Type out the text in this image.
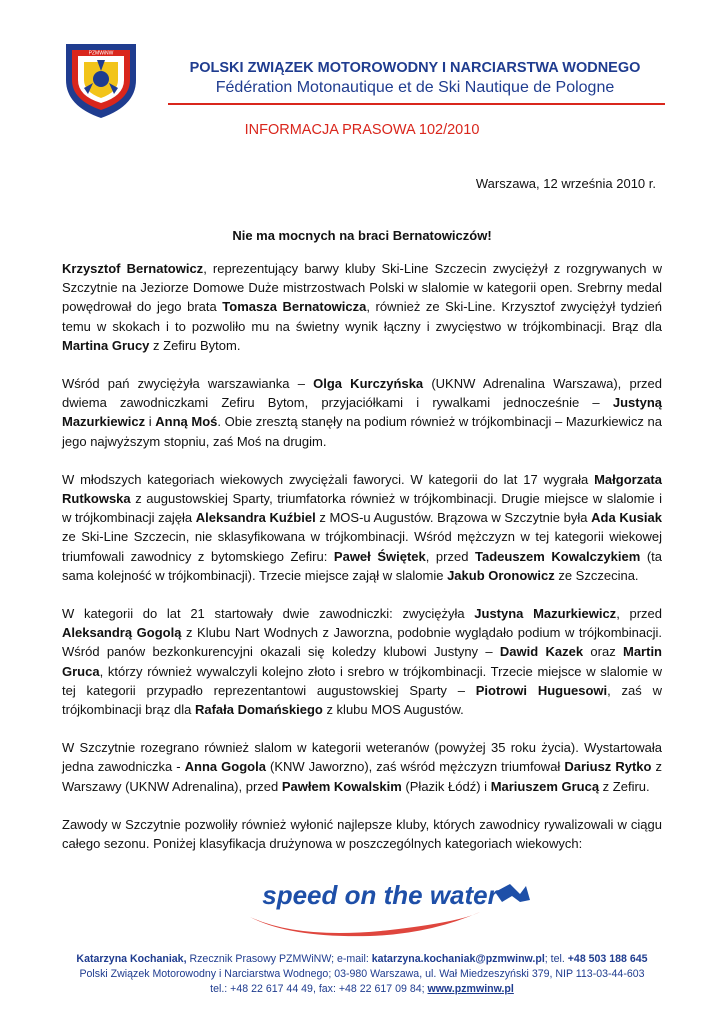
PZMWiNW

POLSKI ZWIĄZEK MOTOROWODNY I NARCIARSTWA WODNEGO

Fédération Motonautique et de Ski Nautique de Pologne

INFORMACJA PRASOWA 102/2010
Warszawa, 12 września 2010 r.
Nie ma mocnych na braci Bernatowiczów!

Krzysztof Bernatowicz, reprezentujący barwy kluby Ski-Line Szczecin zwyciężył z rozgrywanych w Szczytnie na Jeziorze Domowe Duże mistrzostwach Polski w slalomie w kategorii open. Srebrny medal powędrował do jego brata Tomasza Bernatowicza, również ze Ski-Line. Krzysztof zwyciężył tydzień temu w skokach i to pozwoliło mu na świetny wynik łączny i zwycięstwo w trójkombinacji. Brąz dla Martina Grucy z Zefiru Bytom.

Wśród pań zwyciężyła warszawianka – Olga Kurczyńska (UKNW Adrenalina Warszawa), przed dwiema zawodniczkami Zefiru Bytom, przyjaciółkami i rywalkami jednocześnie – Justyną Mazurkiewicz i Anną Moś. Obie zresztą stanęły na podium również w trójkombinacji – Mazurkiewicz na jego najwyższym stopniu, zaś Moś na drugim.

W młodszych kategoriach wiekowych zwyciężali faworyci. W kategorii do lat 17 wygrała Małgorzata Rutkowska z augustowskiej Sparty, triumfatorka również w trójkombinacji. Drugie miejsce w slalomie i w trójkombinacji zajęła Aleksandra Kuźbiel z MOS-u Augustów. Brązowa w Szczytnie była Ada Kusiak ze Ski-Line Szczecin, nie sklasyfikowana w trójkombinacji. Wśród mężczyzn w tej kategorii wiekowej triumfowali zawodnicy z bytomskiego Zefiru: Paweł Świętek, przed Tadeuszem Kowalczykiem (ta sama kolejność w trójkombinacji). Trzecie miejsce zajął w slalomie Jakub Oronowicz ze Szczecina.

W kategorii do lat 21 startowały dwie zawodniczki: zwyciężyła Justyna Mazurkiewicz, przed Aleksandrą Gogolą z Klubu Nart Wodnych z Jaworzna, podobnie wyglądało podium w trójkombinacji. Wśród panów bezkonkurencyjni okazali się koledzy klubowi Justyny – Dawid Kazek oraz Martin Gruca, którzy również wywalczyli kolejno złoto i srebro w trójkombinacji. Trzecie miejsce w slalomie w tej kategorii przypadło reprezentantowi augustowskiej Sparty – Piotrowi Huguesowi, zaś w trójkombinacji brąz dla Rafała Domańskiego z klubu MOS Augustów.

W Szczytnie rozegrano również slalom w kategorii weteranów (powyżej 35 roku życia). Wystartowała jedna zawodniczka - Anna Gogola (KNW Jaworzno), zaś wśród mężczyzn triumfował Dariusz Rytko z Warszawy (UKNW Adrenalina), przed Pawłem Kowalskim (Płazik Łódź) i Mariuszem Grucą z Zefiru.

Zawody w Szczytnie pozwoliły również wyłonić najlepsze kluby, których zawodnicy rywalizowali w ciągu całego sezonu. Poniżej klasyfikacja drużynowa w poszczególnych kategoriach wiekowych:

speed on the water
Katarzyna Kochaniak, Rzecznik Prasowy PZMWiNW; e-mail: katarzyna.kochaniak@pzmwinw.pl; tel. +48 503 188 645
Polski Związek Motorowodny i Narciarstwa Wodnego; 03-980 Warszawa, ul. Wał Miedzeszyński 379, NIP 113-03-44-603
tel.: +48 22 617 44 49, fax: +48 22 617 09 84; www.pzmwinw.pl
